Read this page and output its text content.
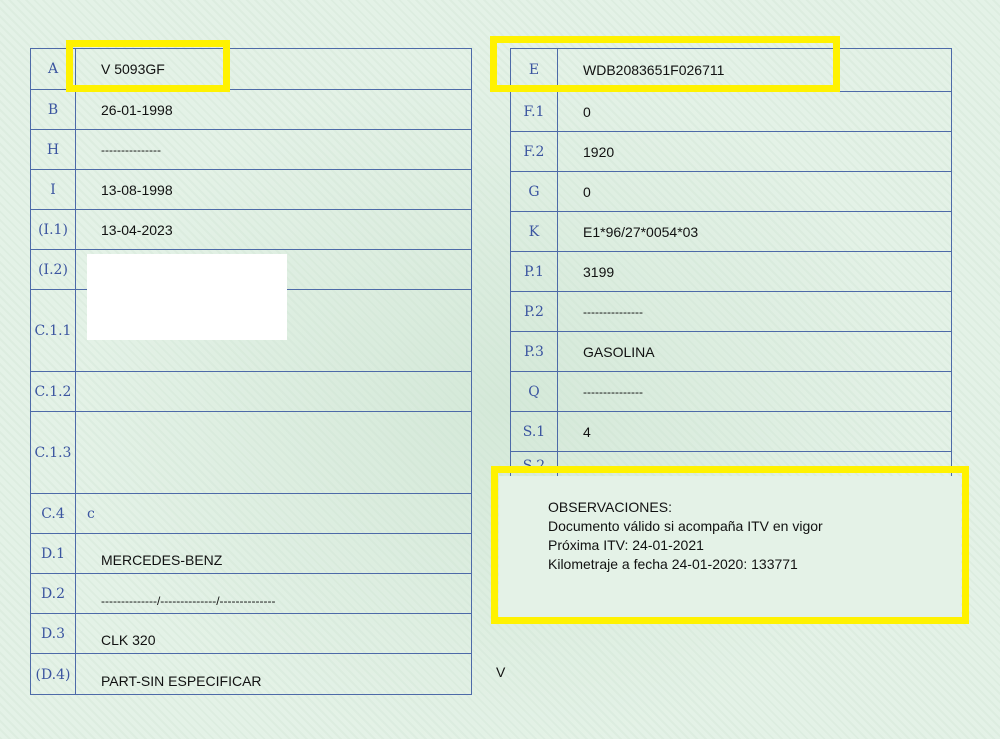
A	V 5093GF
B	26-01-1998
H	---------------
I	13-08-1998
(I.1)	13-04-2023
(I.2)
C.1.1
C.1.2
C.1.3
C.4	c
D.1	MERCEDES-BENZ
D.2	--------------/--------------/--------------
D.3	CLK 320
(D.4)	PART-SIN ESPECIFICAR
E	WDB2083651F026711
F.1	0
F.2	1920
G	0
K	E1*96/27*0054*03
P.1	3199
P.2	---------------
P.3	GASOLINA
Q	---------------
S.1	4
S.2	---------------
OBSERVACIONES:
Documento válido si acompaña ITV en vigor
Próxima ITV: 24-01-2021
Kilometraje a fecha 24-01-2020: 133771
V
